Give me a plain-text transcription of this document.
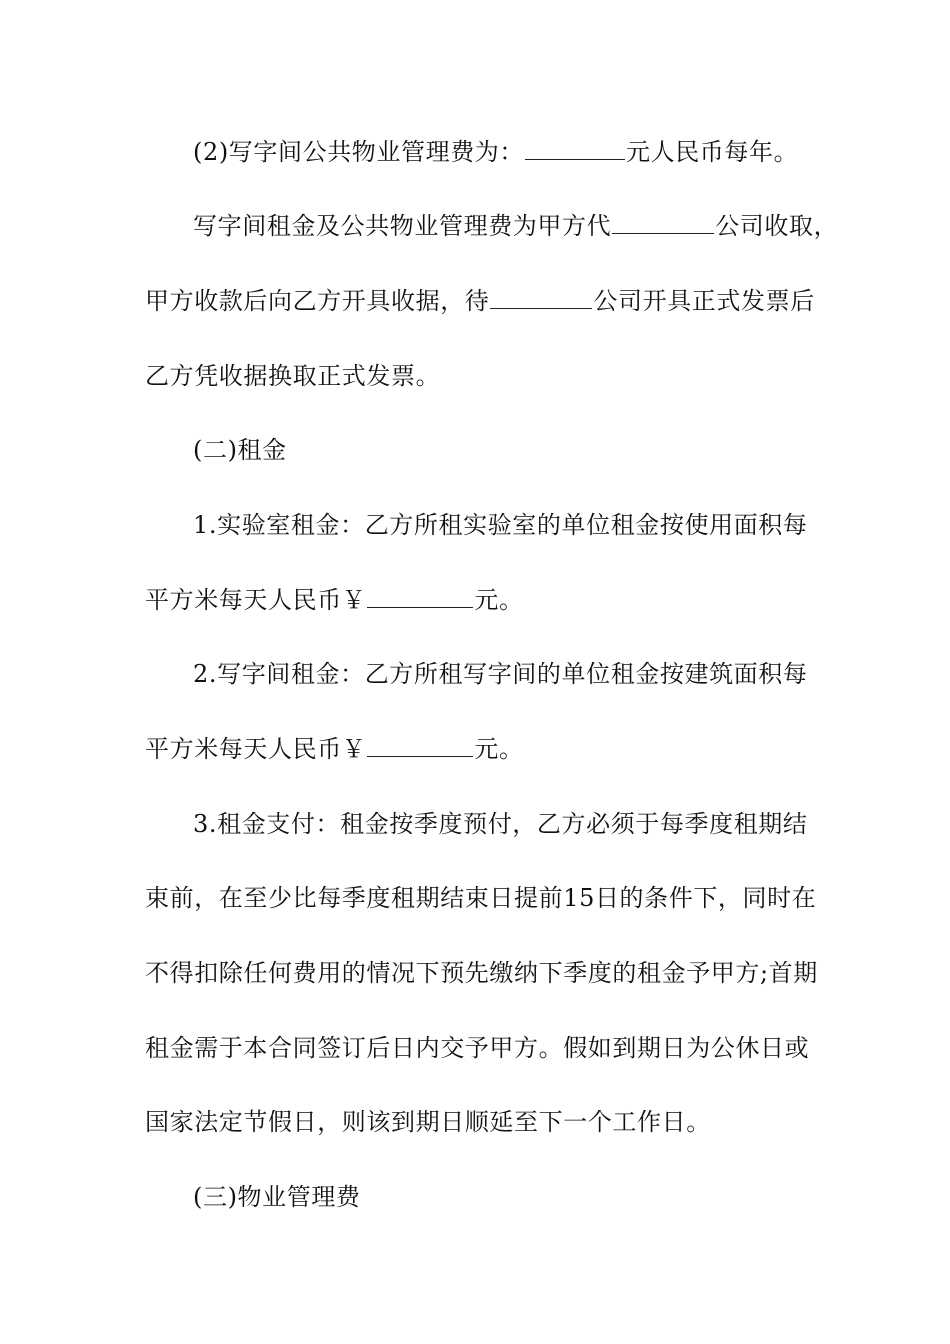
(2)写字间公共物业管理费为：	元人民币每年。
写字间租金及公共物业管理费为甲方代	公司收取，
甲方收款后向乙方开具收据，待	公司开具正式发票后
乙方凭收据换取正式发票。
(二)租金
1.实验室租金：乙方所租实验室的单位租金按使用面积每
平方米每天人民币￥	元。
2.写字间租金：乙方所租写字间的单位租金按建筑面积每
平方米每天人民币￥	元。
3.租金支付：租金按季度预付，乙方必须于每季度租期结
束前，在至少比每季度租期结束日提前15日的条件下，同时在
不得扣除任何费用的情况下预先缴纳下季度的租金予甲方;首期
租金需于本合同签订后日内交予甲方。假如到期日为公休日或
国家法定节假日，则该到期日顺延至下一个工作日。
(三)物业管理费
